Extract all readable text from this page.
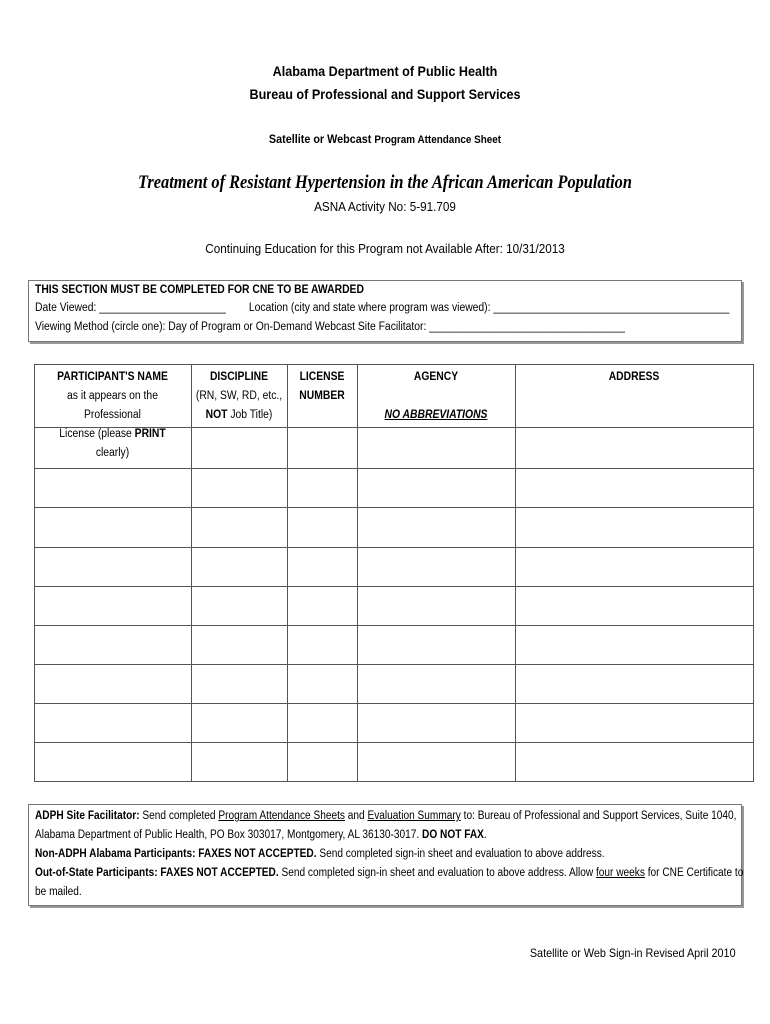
Alabama Department of Public Health
Bureau of Professional and Support Services
Satellite or Webcast Program Attendance Sheet
Treatment of Resistant Hypertension in the African American Population
ASNA Activity No: 5-91.709
Continuing Education for this Program not Available After: 10/31/2013
THIS SECTION MUST BE COMPLETED FOR CNE TO BE AWARDED
Date Viewed: ______________________ Location (city and state where program was viewed): _________________________________________
Viewing Method (circle one): Day of Program or On-Demand Webcast Site Facilitator: __________________________________
PARTICIPANT'S NAME
as it appears on the Professional
License (please PRINT clearly)
DISCIPLINE
(RN, SW, RD, etc.,
NOT Job Title)
LICENSE
NUMBER
AGENCY

NO ABBREVIATIONS
ADDRESS

ADPH Site Facilitator: Send completed Program Attendance Sheets and Evaluation Summary to: Bureau of Professional and Support Services, Suite 1040,

Alabama Department of Public Health, PO Box 303017, Montgomery, AL 36130-3017. DO NOT FAX.

Non-ADPH Alabama Participants: FAXES NOT ACCEPTED. Send completed sign-in sheet and evaluation to above address.

Out-of-State Participants: FAXES NOT ACCEPTED. Send completed sign-in sheet and evaluation to above address. Allow four weeks for CNE Certificate to

be mailed.

Satellite or Web Sign-in Revised April 2010
